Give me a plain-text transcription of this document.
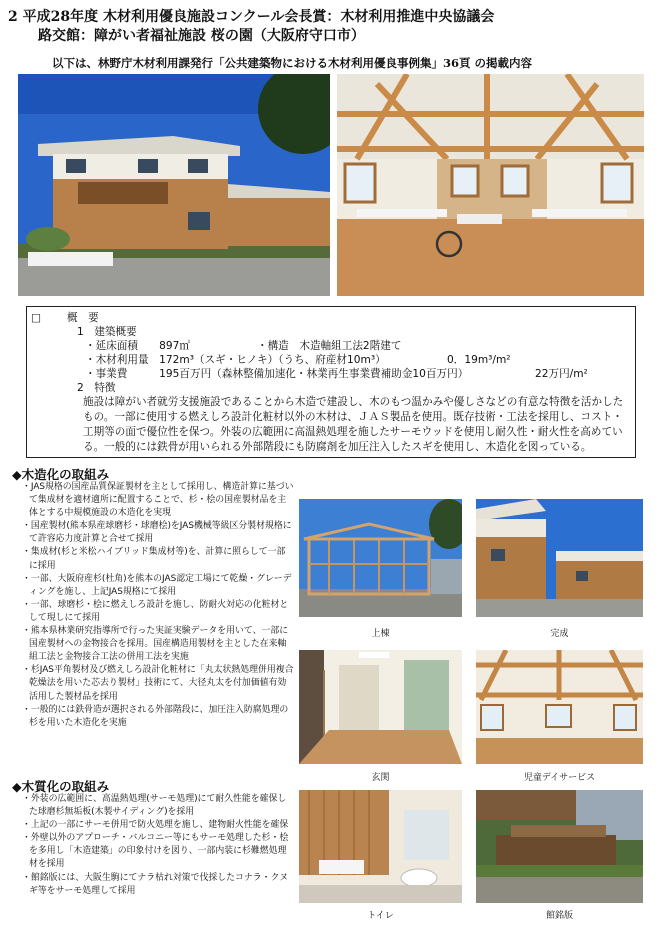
2 平成28年度 木材利用優良施設コンクール会長賞：木材利用推進中央協議会
路交館：障がい者福祉施設 桜の園（大阪府守口市）
以下は、林野庁木材利用課発行「公共建築物における木材利用優良事例集」36頁 の掲載内容
□ 概　要
1　建築概要
・延床面積　　897㎡	・構造　木造軸組工法2階建て
・木材利用量　172m³（スギ・ヒノキ）（うち、府産材10m³）	0．19m³/m²
・事業費　　　195百万円（森林整備加速化・林業再生事業費補助金10百万円）	22万円/m²
2　特徴
施設は障がい者就労支援施設であることから木造で建設し、木のもつ温かみや優しさなどの有意な特徴を活かしたもの。一部に使用する燃えしろ設計化粧材以外の木材は、ＪＡＳ製品を使用。既存技術・工法を採用し、コスト・工期等の面で優位性を保つ。外装の広範囲に高温熱処理を施したサーモウッドを使用し耐久性・耐火性を高めている。一般的には鉄骨が用いられる外部階段にも防腐剤を加圧注入したスギを使用し、木造化を図っている。
◆木造化の取組み
・JAS規格の国産品質保証製材を主として採用し、構造計算に基づいて集成材を適材適所に配置することで、杉・桧の国産製材品を主体とする中規模施設の木造化を実現
・国産製材(熊本県産球磨杉・球磨桧)をJAS機械等級区分製材規格にて許容応力度計算と合せて採用
・集成材(杉と米松ハイブリッド集成材等)を、計算に照らして一部に採用
・一部、大阪府産杉(杜角)を熊本のJAS認定工場にて乾燥・グレーディングを施し、上記JAS規格にて採用
・一部、球磨杉・桧に燃えしろ設計を施し、防耐火対応の化粧材として現しにて採用
・熊本県林業研究指導所で行った実証実験データを用いて、一部に国産製材への金物接合を採用。国産構造用製材を主とした在来軸組工法と金物接合工法の併用工法を実施
・杉JAS平角製材及び燃えしろ設計化粧材に「丸太状熱処理併用複合乾燥法を用いた芯去り製材」技術にて、大径丸太を付加価値有効活用した製材品を採用
・一般的には鉄骨造が選択される外部階段に、加圧注入防腐処理の杉を用いた木造化を実施
◆木質化の取組み
・外装の広範囲に、高温熱処理(サーモ処理)にて耐久性能を確保した球磨杉無垢板(木製サイディング)を採用
・上記の一部にサーモ併用で防火処理を施し、建物耐火性能を確保
・外壁以外のアプローチ・バルコニー等にもサーモ処理した杉・桧を多用し「木造建築」の印象付けを図り、一部内装に杉難燃処理材を採用
・館銘版には、大阪生駒にてナラ枯れ対策で伐採したコナラ・クヌギ等をサーモ処理して採用
上棟	完成
玄関	児童デイサービス
トイレ	館銘版
